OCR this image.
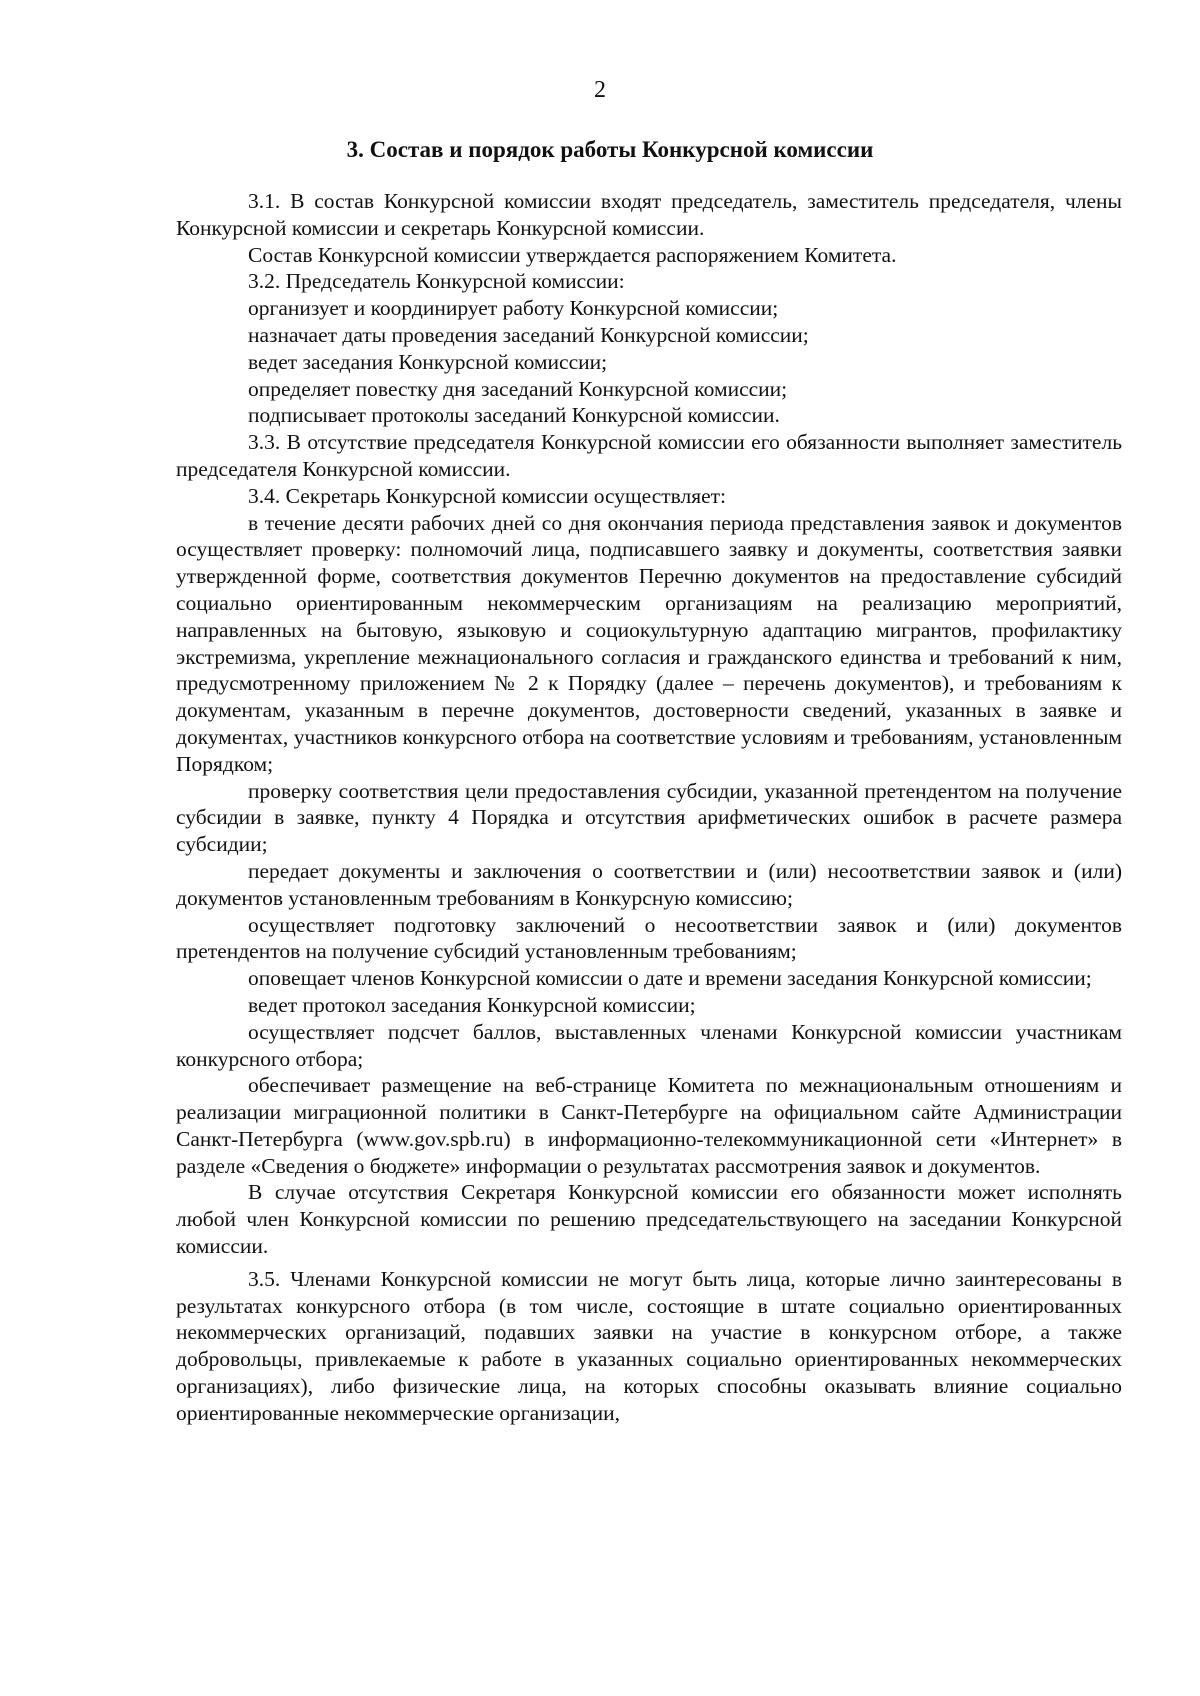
2
3. Состав и порядок работы Конкурсной комиссии

3.1. В состав Конкурсной комиссии входят председатель, заместитель председателя, члены Конкурсной комиссии и секретарь Конкурсной комиссии.

Состав Конкурсной комиссии утверждается распоряжением Комитета.

3.2. Председатель Конкурсной комиссии:

организует и координирует работу Конкурсной комиссии;

назначает даты проведения заседаний Конкурсной комиссии;

ведет заседания Конкурсной комиссии;

определяет повестку дня заседаний Конкурсной комиссии;

подписывает протоколы заседаний Конкурсной комиссии.

3.3. В отсутствие председателя Конкурсной комиссии его обязанности выполняет заместитель председателя Конкурсной комиссии.

3.4. Секретарь Конкурсной комиссии осуществляет:

в течение десяти рабочих дней со дня окончания периода представления заявок и документов осуществляет проверку: полномочий лица, подписавшего заявку и документы, соответствия заявки утвержденной форме, соответствия документов Перечню документов на предоставление субсидий социально ориентированным некоммерческим организациям на реализацию мероприятий, направленных на бытовую, языковую и социокультурную адаптацию мигрантов, профилактику экстремизма, укрепление межнационального согласия и гражданского единства и требований к ним, предусмотренному приложением № 2 к Порядку (далее – перечень документов), и требованиям к документам, указанным в перечне документов, достоверности сведений, указанных в заявке и документах, участников конкурсного отбора на соответствие условиям и требованиям, установленным Порядком;

проверку соответствия цели предоставления субсидии, указанной претендентом на получение субсидии в заявке, пункту 4 Порядка и отсутствия арифметических ошибок в расчете размера субсидии;

передает документы и заключения о соответствии и (или) несоответствии заявок и (или) документов установленным требованиям в Конкурсную комиссию;

осуществляет подготовку заключений о несоответствии заявок и (или) документов претендентов на получение субсидий установленным требованиям;

оповещает членов Конкурсной комиссии о дате и времени заседания Конкурсной комиссии;

ведет протокол заседания Конкурсной комиссии;

осуществляет подсчет баллов, выставленных членами Конкурсной комиссии участникам конкурсного отбора;

обеспечивает размещение на веб-странице Комитета по межнациональным отношениям и реализации миграционной политики в Санкт-Петербурге на официальном сайте Администрации Санкт-Петербурга (www.gov.spb.ru) в информационно-телекоммуникационной сети «Интернет» в разделе «Сведения о бюджете» информации о результатах рассмотрения заявок и документов.

В случае отсутствия Секретаря Конкурсной комиссии его обязанности может исполнять любой член Конкурсной комиссии по решению председательствующего на заседании Конкурсной комиссии.

3.5. Членами Конкурсной комиссии не могут быть лица, которые лично заинтересованы в результатах конкурсного отбора (в том числе, состоящие в штате социально ориентированных некоммерческих организаций, подавших заявки на участие в конкурсном отборе, а также добровольцы, привлекаемые к работе в указанных социально ориентированных некоммерческих организациях), либо физические лица, на которых способны оказывать влияние социально ориентированные некоммерческие организации,
